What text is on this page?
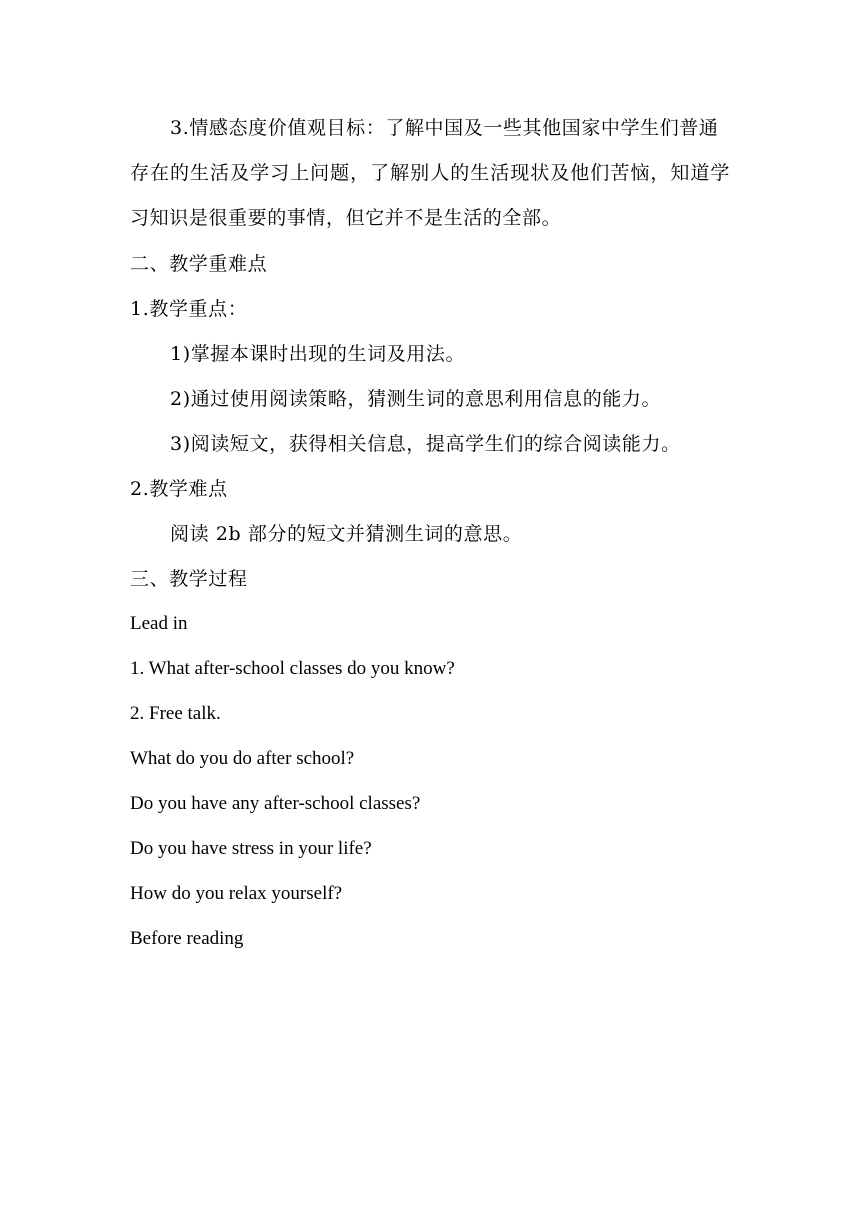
3.情感态度价值观目标：了解中国及一些其他国家中学生们普通
存在的生活及学习上问题，了解别人的生活现状及他们苦恼，知道学
习知识是很重要的事情，但它并不是生活的全部。
二、教学重难点
1.教学重点：
1)掌握本课时出现的生词及用法。
2)通过使用阅读策略，猜测生词的意思利用信息的能力。
3)阅读短文，获得相关信息，提高学生们的综合阅读能力。
2.教学难点
阅读 2b 部分的短文并猜测生词的意思。
三、教学过程
Lead in
1. What after-school classes do you know?
2. Free talk.
What do you do after school?
Do you have any after-school classes?
Do you have stress in your life?
How do you relax yourself?
Before reading
